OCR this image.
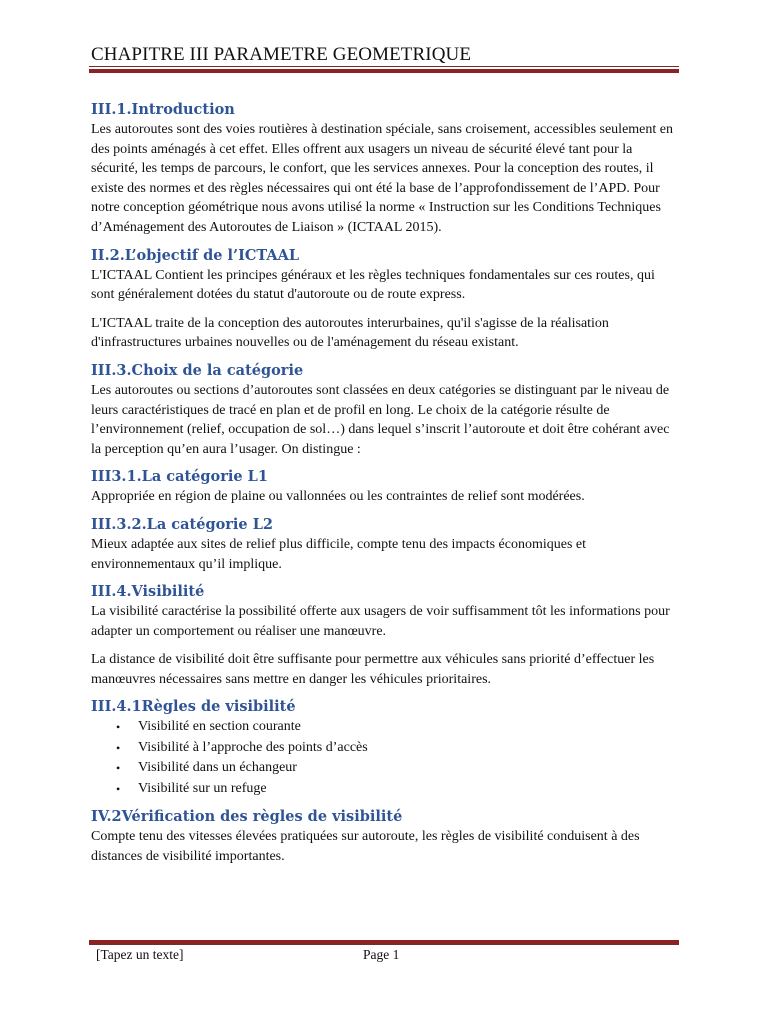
CHAPITRE III PARAMETRE GEOMETRIQUE
III.1.Introduction

Les autoroutes sont des voies routières à destination spéciale, sans croisement, accessibles seulement en des points aménagés à cet effet. Elles offrent aux usagers un niveau de sécurité élevé tant pour la sécurité, les temps de parcours, le confort, que les services annexes. Pour la conception des routes, il existe des normes et des règles nécessaires qui ont été la base de l’approfondissement de l’APD. Pour notre conception géométrique nous avons utilisé la norme « Instruction sur les Conditions Techniques d’Aménagement des Autoroutes de Liaison » (ICTAAL 2015).

II.2.L’objectif de l’ICTAAL

L'ICTAAL Contient les principes généraux et les règles techniques fondamentales sur ces routes, qui sont généralement dotées du statut d'autoroute ou de route express.

L'ICTAAL traite de la conception des autoroutes interurbaines, qu'il s'agisse de la réalisation d'infrastructures urbaines nouvelles ou de l'aménagement du réseau existant.

III.3.Choix de la catégorie

Les autoroutes ou sections d’autoroutes sont classées en deux catégories se distinguant par le niveau de leurs caractéristiques de tracé en plan et de profil en long. Le choix de la catégorie résulte de l’environnement (relief, occupation de sol…) dans lequel s’inscrit l’autoroute et doit être cohérant avec la perception qu’en aura l’usager. On distingue :

III3.1.La catégorie L1

Appropriée en région de plaine ou vallonnées ou les contraintes de relief sont modérées.

III.3.2.La catégorie L2

Mieux adaptée aux sites de relief plus difficile, compte tenu des impacts économiques et environnementaux qu’il implique.

III.4.Visibilité

La visibilité caractérise la possibilité offerte aux usagers de voir suffisamment tôt les informations pour adapter un comportement ou réaliser une manœuvre.

La distance de visibilité doit être suffisante pour permettre aux véhicules sans priorité d’effectuer les manœuvres nécessaires sans mettre en danger les véhicules prioritaires.

III.4.1Règles de visibilité
• Visibilité en section courante
• Visibilité à l’approche des points d’accès
• Visibilité dans un échangeur
• Visibilité sur un refuge
IV.2Vérification des règles de visibilité

Compte tenu des vitesses élevées pratiquées sur autoroute, les règles de visibilité conduisent à des distances de visibilité importantes.

[Tapez un texte]	Page 1
